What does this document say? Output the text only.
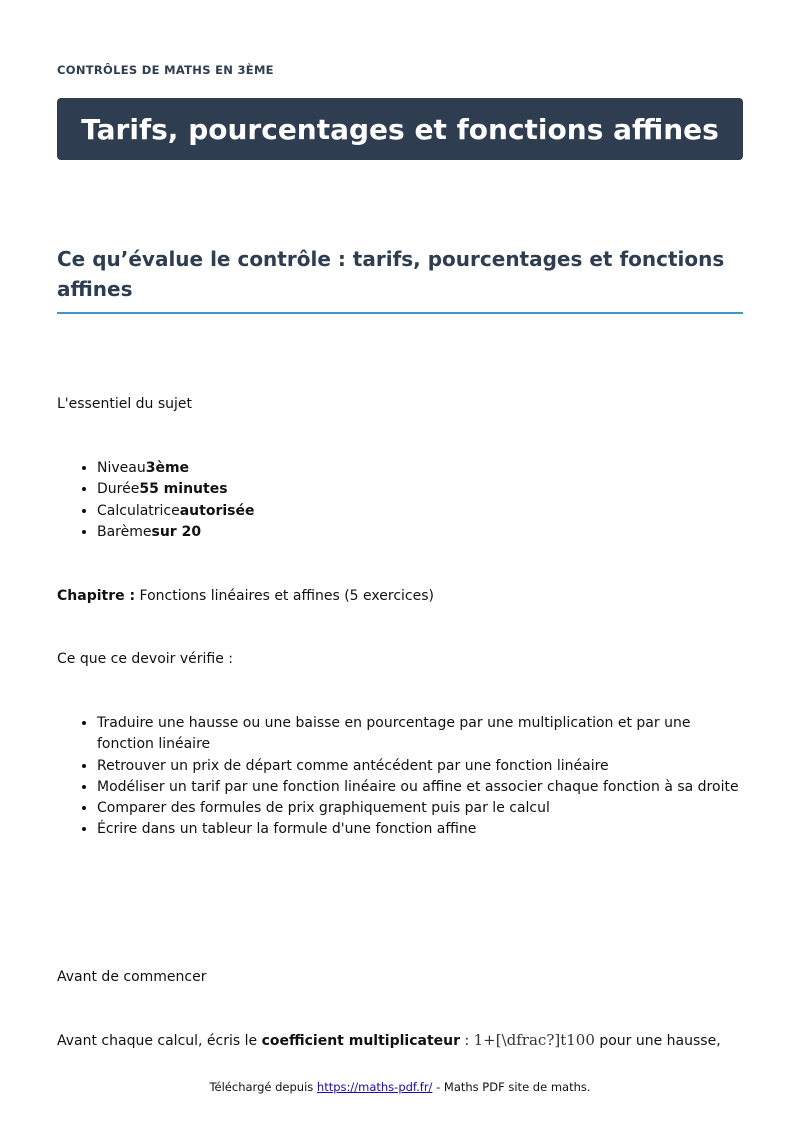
CONTRÔLES DE MATHS EN 3ÈME
Tarifs, pourcentages et fonctions affines
Ce qu’évalue le contrôle : tarifs, pourcentages et fonctions affines

L'essentiel du sujet

• Niveau3ème
• Durée55 minutes
• Calculatriceautorisée
• Barèmesur 20

Chapitre : Fonctions linéaires et affines (5 exercices)

Ce que ce devoir vérifie :

• Traduire une hausse ou une baisse en pourcentage par une multiplication et par une fonction linéaire
• Retrouver un prix de départ comme antécédent par une fonction linéaire
• Modéliser un tarif par une fonction linéaire ou affine et associer chaque fonction à sa droite
• Comparer des formules de prix graphiquement puis par le calcul
• Écrire dans un tableur la formule d'une fonction affine

Avant de commencer

Avant chaque calcul, écris le coefficient multiplicateur : 1+[\dfrac?]t100 pour une hausse,

Téléchargé depuis https://maths-pdf.fr/ - Maths PDF site de maths.
